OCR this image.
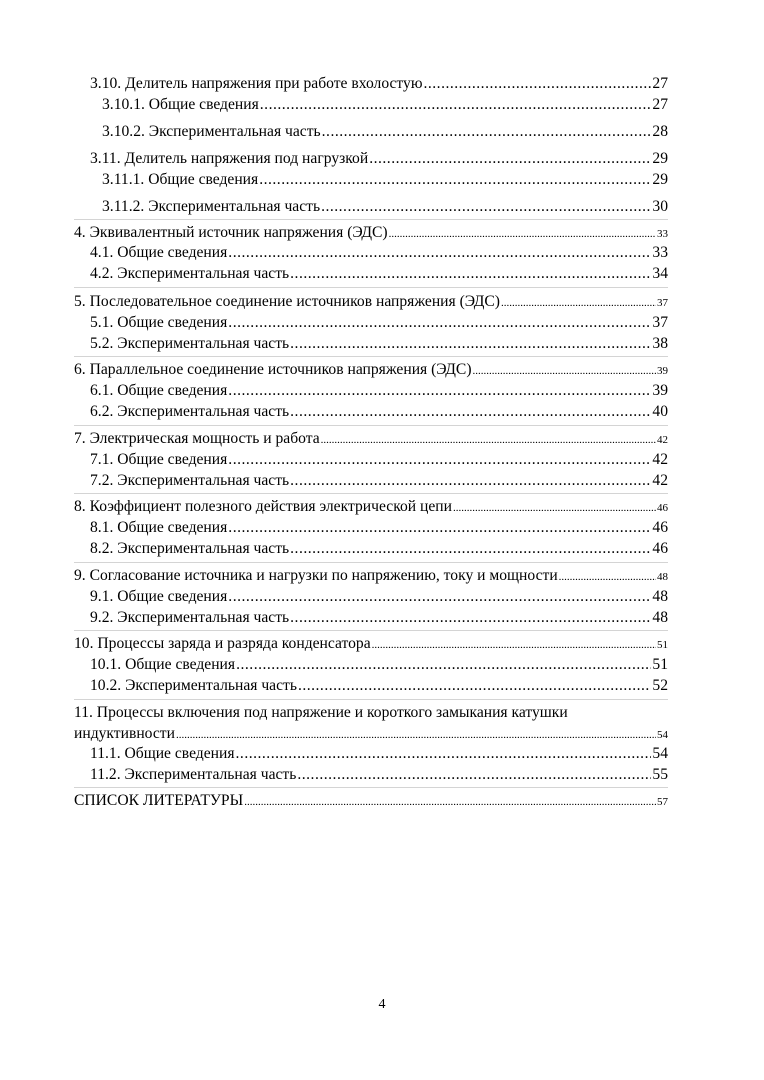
3.10. Делитель напряжения при работе вхолостую .....	27
3.10.1. Общие сведения .....	27
3.10.2. Экспериментальная часть .....	28
3.11. Делитель напряжения под нагрузкой .....	29
3.11.1. Общие сведения .....	29
3.11.2. Экспериментальная часть .....	30
4. Эквивалентный источник напряжения (ЭДС) .....	33
4.1. Общие сведения .....	33
4.2. Экспериментальная часть .....	34
5. Последовательное соединение источников напряжения (ЭДС) .....	37
5.1. Общие сведения .....	37
5.2. Экспериментальная часть .....	38
6. Параллельное соединение источников напряжения (ЭДС) .....	39
6.1. Общие сведения .....	39
6.2. Экспериментальная часть .....	40
7. Электрическая мощность и работа .....	42
7.1. Общие сведения .....	42
7.2. Экспериментальная часть .....	42
8. Коэффициент полезного действия электрической цепи .....	46
8.1. Общие сведения .....	46
8.2. Экспериментальная часть .....	46
9. Согласование источника и нагрузки по напряжению, току и мощности .....	48
9.1. Общие сведения .....	48
9.2. Экспериментальная часть .....	48
10. Процессы заряда и разряда конденсатора .....	51
10.1. Общие сведения .....	51
10.2. Экспериментальная часть .....	52
11. Процессы включения под напряжение и короткого замыкания катушки
индуктивности .....	54
11.1. Общие сведения .....	54
11.2. Экспериментальная часть .....	55
СПИСОК ЛИТЕРАТУРЫ .....	57
4
